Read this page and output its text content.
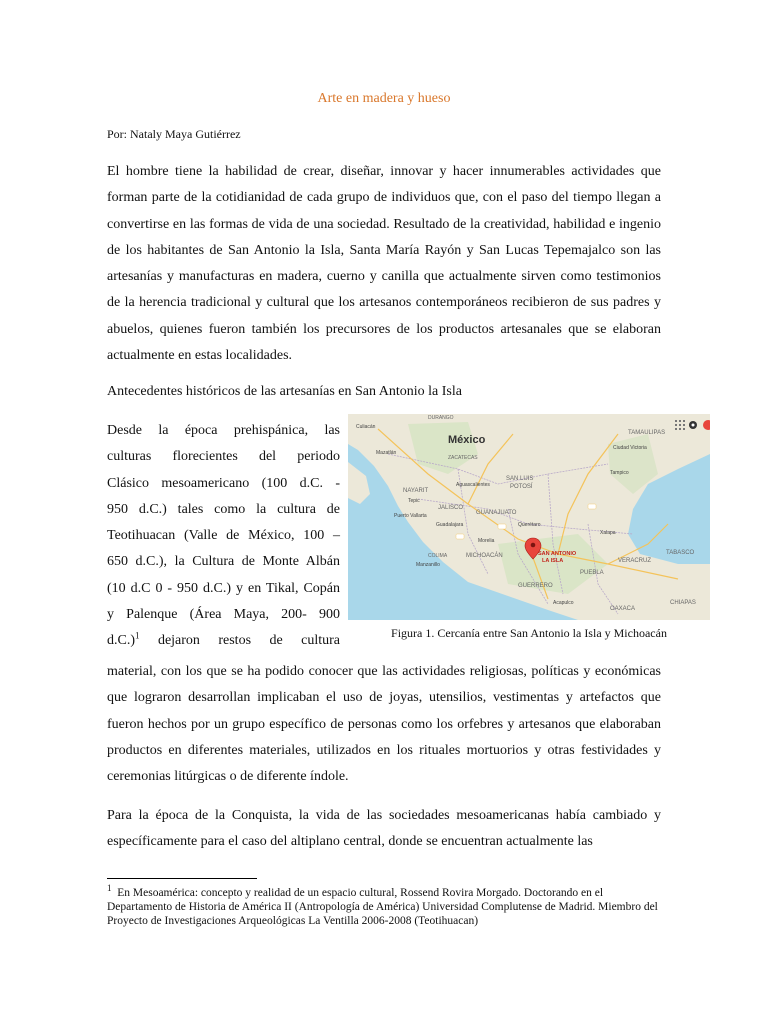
Arte en madera y hueso
Por: Nataly Maya Gutiérrez

El hombre tiene la habilidad de crear, diseñar, innovar y hacer innumerables actividades que forman parte de la cotidianidad de cada grupo de individuos que, con el paso del tiempo llegan a convertirse en las formas de vida de una sociedad. Resultado de la creatividad, habilidad e ingenio de los habitantes de San Antonio la Isla, Santa María Rayón y San Lucas Tepemajalco son las artesanías y manufacturas en madera, cuerno y canilla que actualmente sirven como testimonios de la herencia tradicional y cultural que los artesanos contemporáneos recibieron de sus padres y abuelos, quienes fueron también los precursores de los productos artesanales que se elaboran actualmente en estas localidades.

Antecedentes históricos de las artesanías en San Antonio la Isla
Desde la época prehispánica, las
culturas florecientes del periodo
Clásico mesoamericano (100 d.C. -
950 d.C.) tales como la cultura de
Teotihuacan (Valle de México, 100 –
650 d.C.), la Cultura de Monte Albán
(10 d.C 0 - 950 d.C.) y en Tikal, Copán
y Palenque (Área Maya, 200- 900
d.C.)$^1$ dejaron restos de cultura
México
DURANGO
TAMAULIPAS
ZACATECAS
NAYARIT
SAN LUIS
POTOSÍ
JALISCO
GUANAJUATO
MICHOACÁN
COLIMA
GUERRERO
PUEBLA
VERACRUZ
TABASCO
OAXACA
CHIAPAS
Culiacán
Mazatlán
Tepic
Guadalajara
Aguascalientes
Puerto Vallarta
Querétaro
Morelia
Manzanillo
Acapulco
Tampico
Xalapa
Ciudad Victoria
SAN ANTONIO
LA ISLA
Figura 1. Cercanía entre San Antonio la Isla y Michoacán

material, con los que se ha podido conocer que las actividades religiosas, políticas y económicas que lograron desarrollan implicaban el uso de joyas, utensilios, vestimentas y artefactos que fueron hechos por un grupo específico de personas como los orfebres y artesanos que elaboraban productos en diferentes materiales, utilizados en los rituales mortuorios y otras festividades y ceremonias litúrgicas o de diferente índole.

Para la época de la Conquista, la vida de las sociedades mesoamericanas había cambiado y específicamente para el caso del altiplano central, donde se encuentran actualmente las

$^1$ En Mesoamérica: concepto y realidad de un espacio cultural, Rossend Rovira Morgado. Doctorando en el Departamento de Historia de América II (Antropología de América) Universidad Complutense de Madrid. Miembro del Proyecto de Investigaciones Arqueológicas La Ventilla 2006-2008 (Teotihuacan)
